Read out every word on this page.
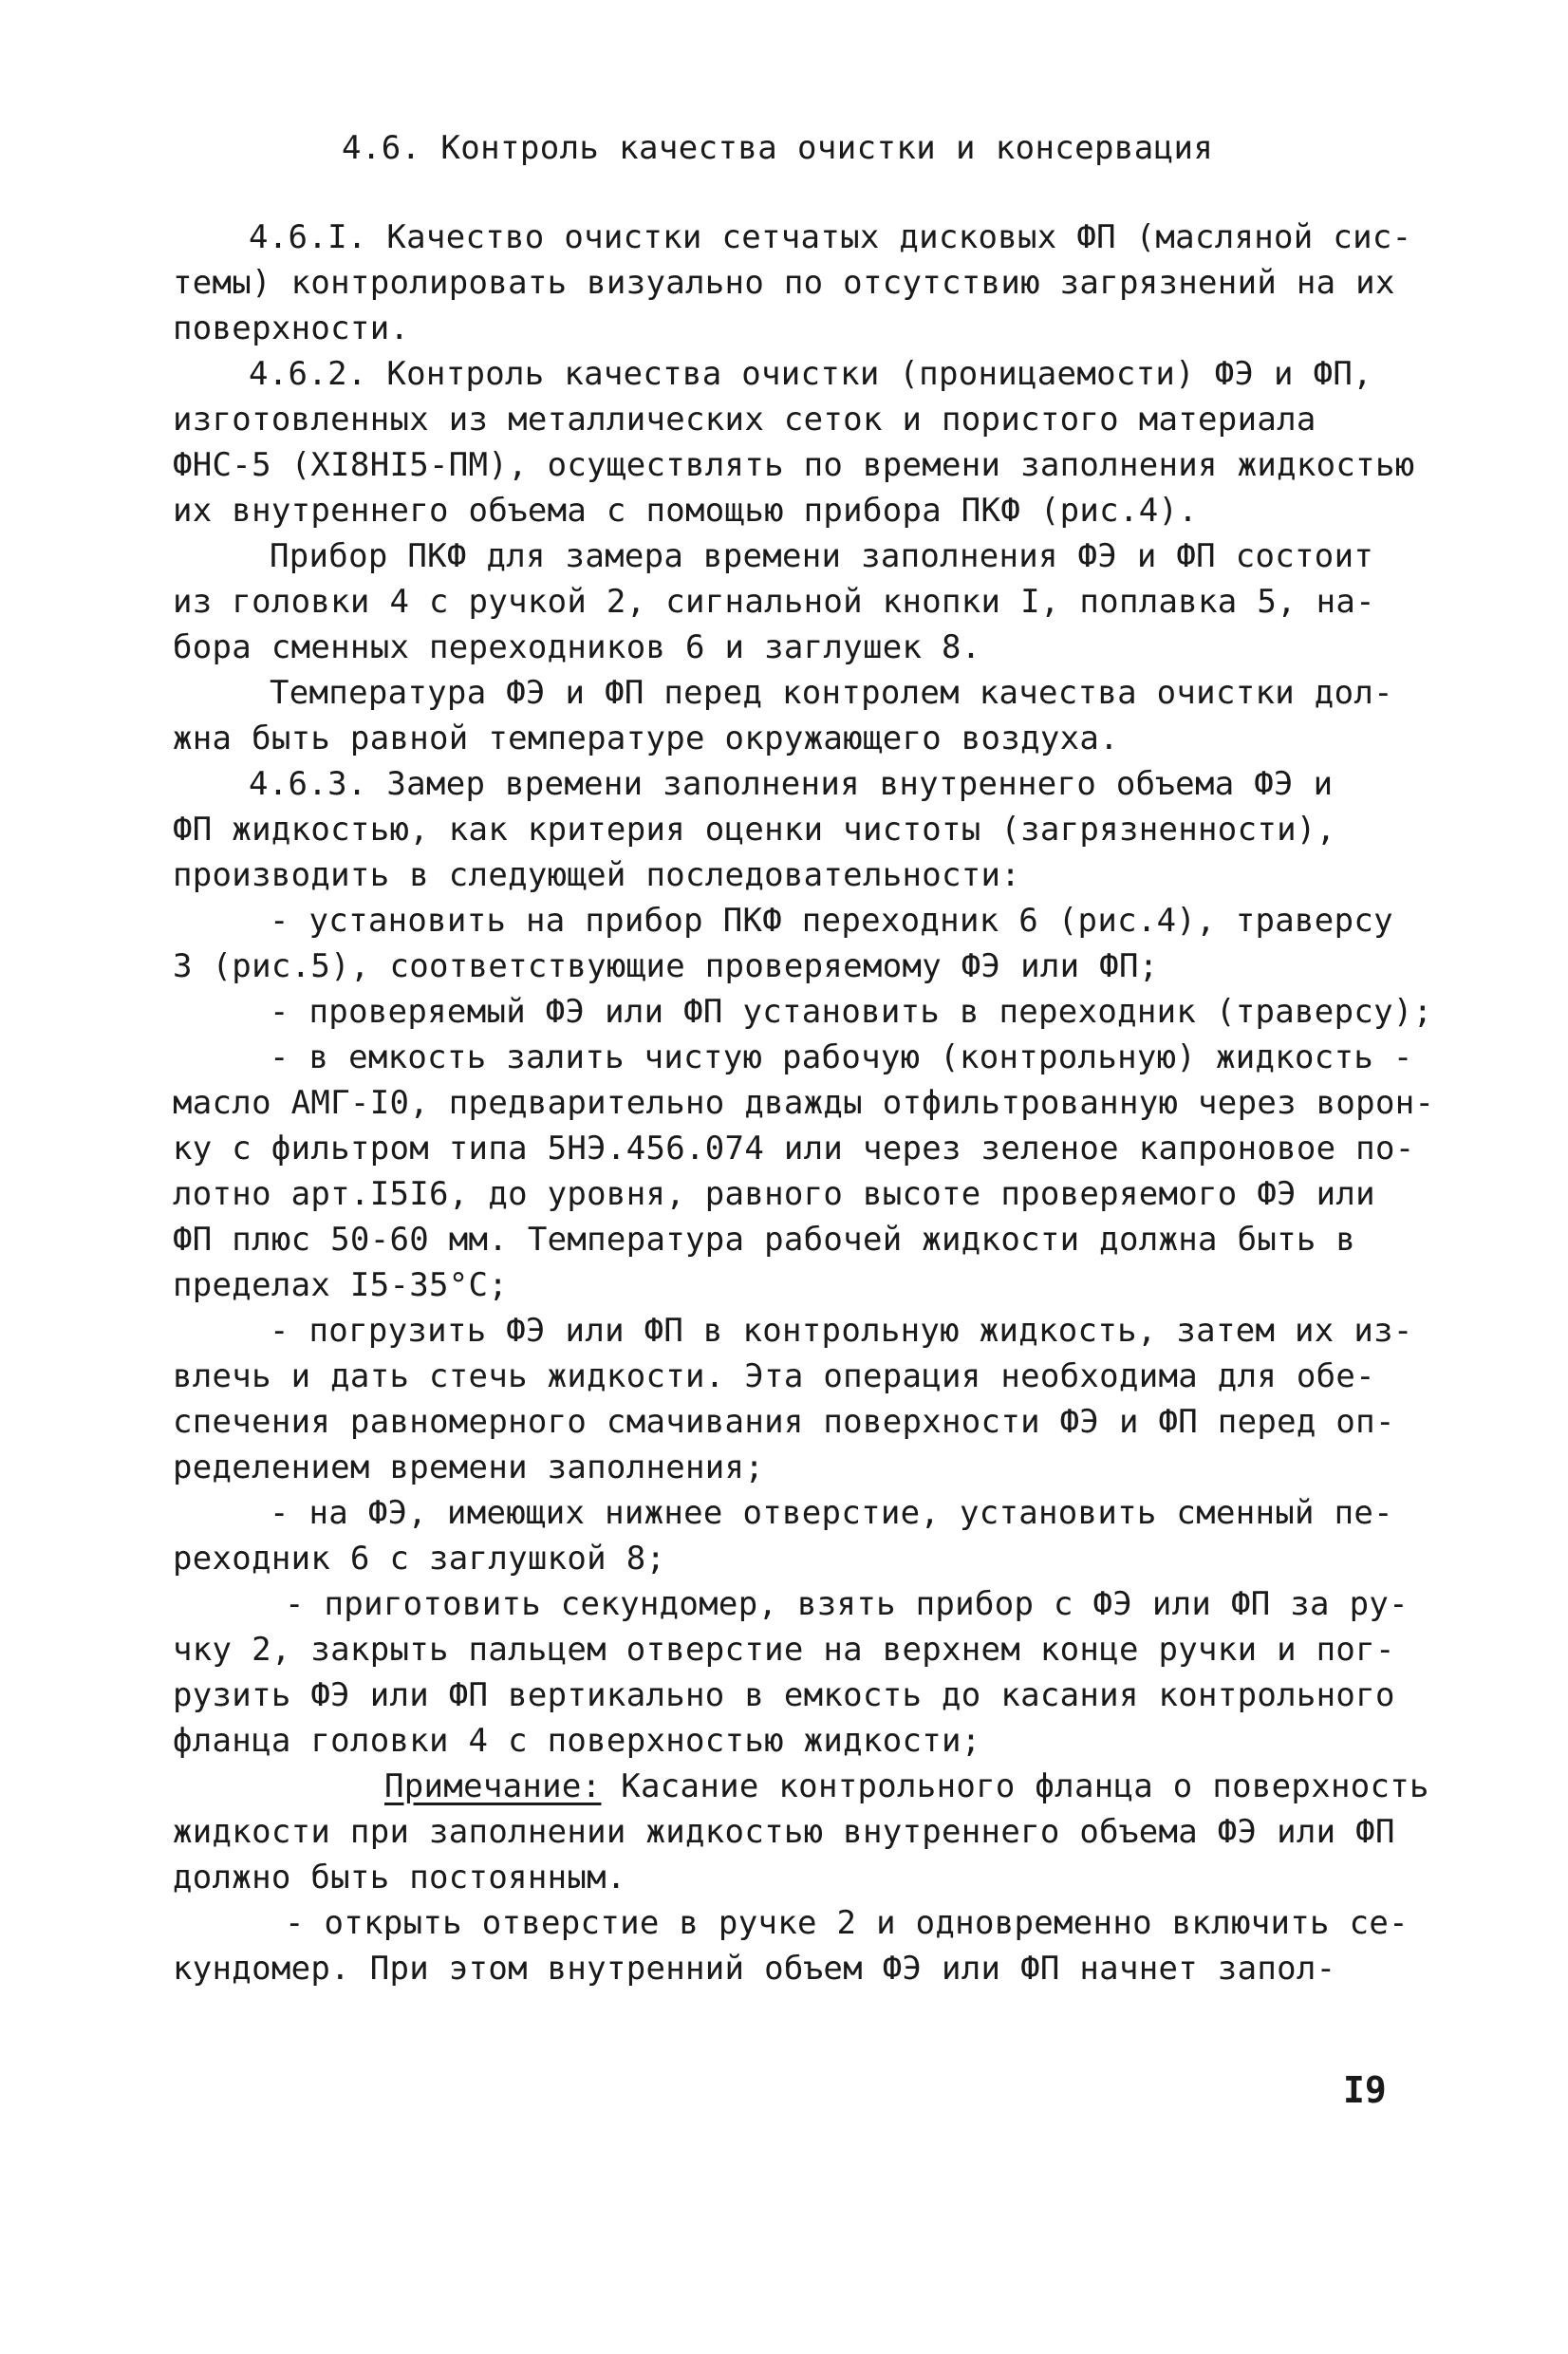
4.6. Контроль качества очистки и консервация
4.6.I. Качество очистки сетчатых дисковых ФП (масляной сис-
темы) контролировать визуально по отсутствию загрязнений на их
поверхности.
4.6.2. Контроль качества очистки (проницаемости) ФЭ и ФП,
изготовленных из металлических сеток и пористого материала
ФНС-5 (XI8HI5-ПМ), осуществлять по времени заполнения жидкостью
их внутреннего объема с помощью прибора ПКФ (рис.4).
Прибор ПКФ для замера времени заполнения ФЭ и ФП состоит
из головки 4 с ручкой 2, сигнальной кнопки I, поплавка 5, на-
бора сменных переходников 6 и заглушек 8.
Температура ФЭ и ФП перед контролем качества очистки дол-
жна быть равной температуре окружающего воздуха.
4.6.3. Замер времени заполнения внутреннего объема ФЭ и
ФП жидкостью, как критерия оценки чистоты (загрязненности),
производить в следующей последовательности:
- установить на прибор ПКФ переходник 6 (рис.4), траверсу
3 (рис.5), соответствующие проверяемому ФЭ или ФП;
- проверяемый ФЭ или ФП установить в переходник (траверсу);
- в емкость залить чистую рабочую (контрольную) жидкость -
масло АМГ-I0, предварительно дважды отфильтрованную через ворон-
ку с фильтром типа 5НЭ.456.074 или через зеленое капроновое по-
лотно арт.I5I6, до уровня, равного высоте проверяемого ФЭ или
ФП плюс 50-60 мм. Температура рабочей жидкости должна быть в
пределах I5-35°C;
- погрузить ФЭ или ФП в контрольную жидкость, затем их из-
влечь и дать стечь жидкости. Эта операция необходима для обе-
спечения равномерного смачивания поверхности ФЭ и ФП перед оп-
ределением времени заполнения;
- на ФЭ, имеющих нижнее отверстие, установить сменный пе-
реходник 6 с заглушкой 8;
- приготовить секундомер, взять прибор с ФЭ или ФП за ру-
чку 2, закрыть пальцем отверстие на верхнем конце ручки и пог-
рузить ФЭ или ФП вертикально в емкость до касания контрольного
фланца головки 4 с поверхностью жидкости;
Примечание: Касание контрольного фланца о поверхность
жидкости при заполнении жидкостью внутреннего объема ФЭ или ФП
должно быть постоянным.
- открыть отверстие в ручке 2 и одновременно включить се-
кундомер. При этом внутренний объем ФЭ или ФП начнет запол-
I9
